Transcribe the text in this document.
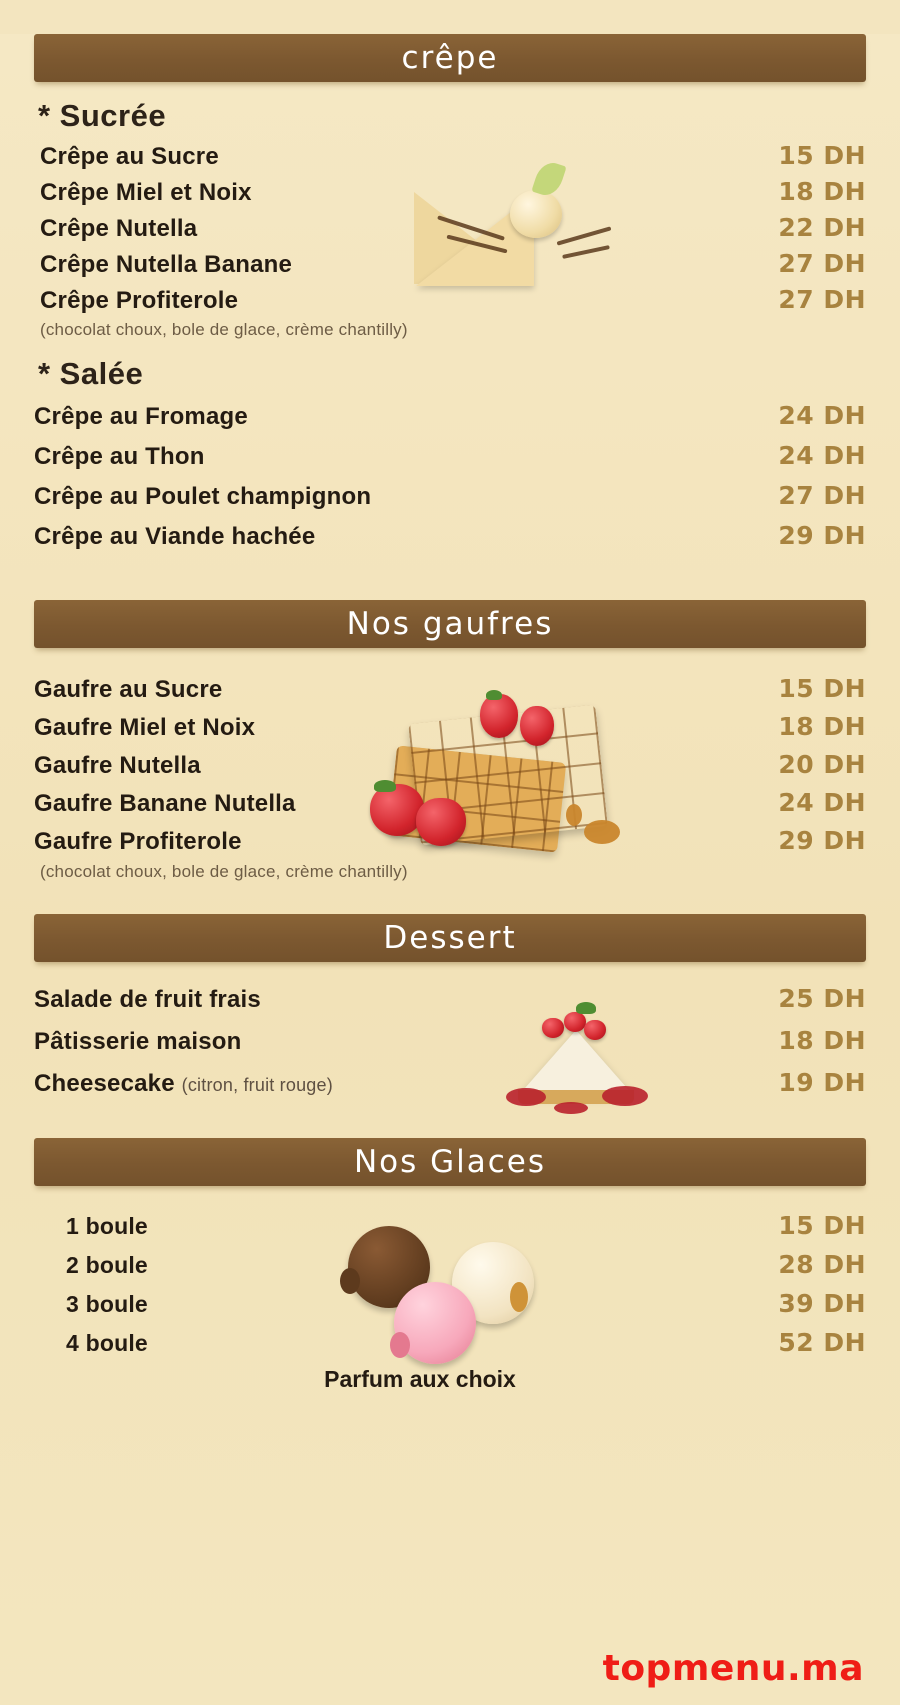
crêpe
* Sucrée
Crêpe au Sucre	15 DH
Crêpe Miel et Noix	18 DH
Crêpe Nutella	22 DH
Crêpe Nutella Banane	27 DH
Crêpe Profiterole	27 DH
(chocolat choux, bole de glace, crème chantilly)
* Salée
Crêpe au Fromage	24 DH
Crêpe au Thon	24 DH
Crêpe au Poulet champignon	27 DH
Crêpe au Viande hachée	29 DH
Nos gaufres
Gaufre au Sucre	15 DH
Gaufre Miel et Noix	18 DH
Gaufre Nutella	20 DH
Gaufre Banane Nutella	24 DH
Gaufre Profiterole	29 DH
(chocolat choux, bole de glace, crème chantilly)
Dessert
Salade de fruit frais	25 DH
Pâtisserie maison	18 DH
Cheesecake (citron, fruit rouge)	19 DH
Nos Glaces
1 boule	15 DH
2 boule	28 DH
3 boule	39 DH
4 boule	52 DH
Parfum aux choix
topmenu.ma
